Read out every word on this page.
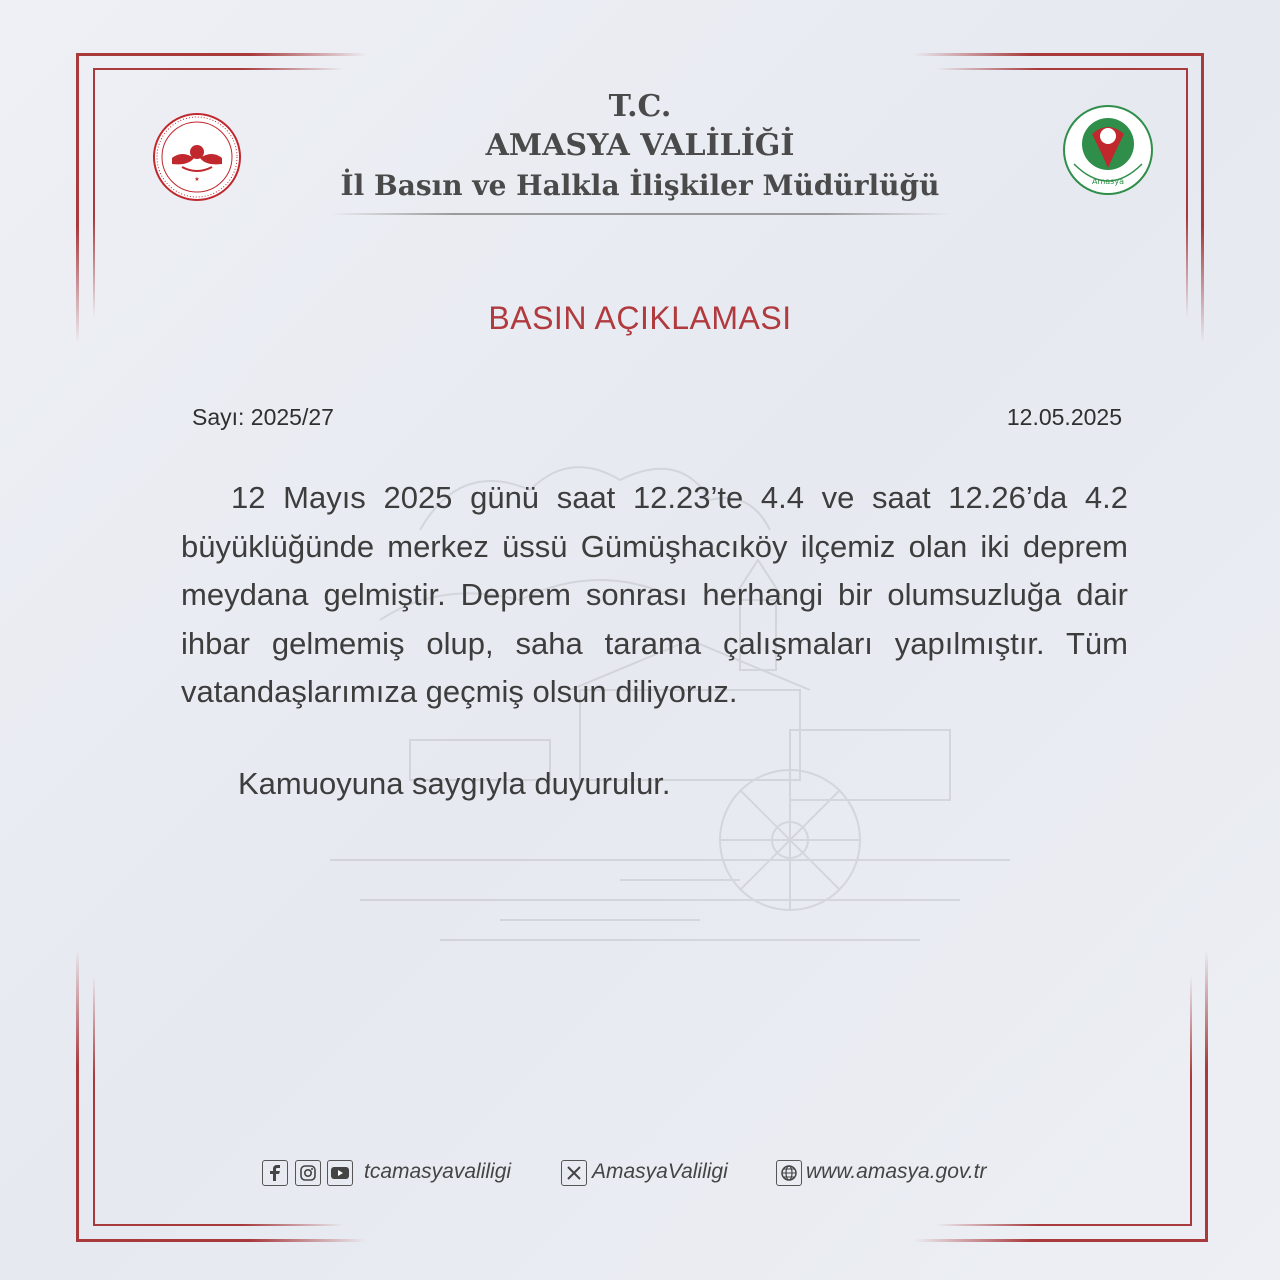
★	Amasya
T.C.
AMASYA VALİLİĞİ
İl Basın ve Halkla İlişkiler Müdürlüğü
BASIN AÇIKLAMASI
Sayı: 2025/27	12.05.2025
12 Mayıs 2025 günü saat 12.23’te 4.4 ve saat 12.26’da 4.2 büyüklüğünde merkez üssü Gümüşhacıköy ilçemiz olan iki deprem meydana gelmiştir. Deprem sonrası herhangi bir olumsuzluğa dair ihbar gelmemiş olup, saha tarama çalışmaları yapılmıştır. Tüm vatandaşlarımıza geçmiş olsun diliyoruz.
Kamuoyuna saygıyla duyurulur.
tcamasyavaliligi	AmasyaValiligi	www.amasya.gov.tr
